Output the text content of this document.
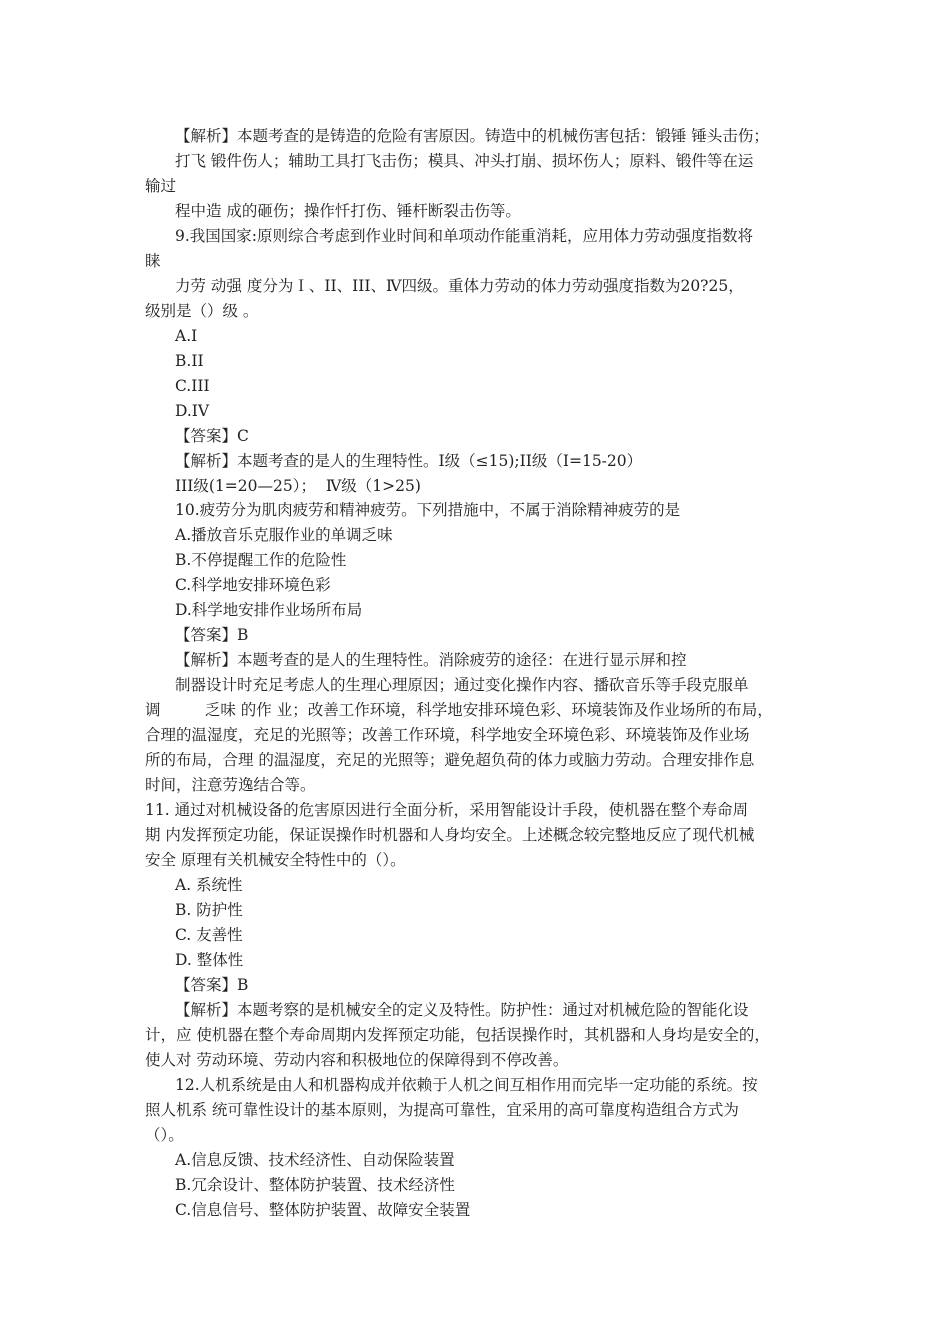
【解析】本题考查的是铸造的危险有害原因。铸造中的机械伤害包括：锻锤 锤头击伤；
打飞 锻件伤人；辅助工具打飞击伤；模具、冲头打崩、损坏伤人；原料、锻件等在运
输过
程中造 成的砸伤；操作忏打伤、锤杆断裂击伤等。
9.我国国家:原则综合考虑到作业时间和单项动作能重消耗，应用体力劳动强度指数将
睐
力劳 动强 度分为Ｉ、II、III、Ⅳ四级。重体力劳动的体力劳动强度指数为20?25，
级别是（）级 。
A.I
B.II
C.III
D.IV
【答案】C
【解析】本题考查的是人的生理特性。I级（≤15);II级（I=15-20）
III级(1=20—25）；  Ⅳ级（1>25)
10.疲劳分为肌肉疲劳和精神疲劳。下列措施中，不属于消除精神疲劳的是
A.播放音乐克服作业的单调乏味
B.不停提醒工作的危险性
C.科学地安排环境色彩
D.科学地安排作业场所布局
【答案】B
【解析】本题考查的是人的生理特性。消除疲劳的途径：在进行显示屏和控
制器设计时充足考虑人的生理心理原因；通过变化操作内容、播砍音乐等手段克服单
调         乏味 的作 业；改善工作环境，科学地安排环境色彩、环境装饰及作业场所的布局，
合理的温湿度，充足的光照等；改善工作环境，科学地安全环境色彩、环境装饰及作业场
所的布局，合理 的温湿度，充足的光照等；避免超负荷的体力或脑力劳动。合理安排作息
时间，注意劳逸结合等。
11. 通过对机械设备的危害原因进行全面分析，采用智能设计手段，使机器在整个寿命周
期 内发挥预定功能，保证误操作时机器和人身均安全。上述概念较完整地反应了现代机械
安全 原理有关机械安全特性中的（）。
A. 系统性
B. 防护性
C. 友善性
D. 整体性
【答案】B
【解析】本题考察的是机械安全的定义及特性。防护性：通过对机械危险的智能化设
计，应 使机器在整个寿命周期内发挥预定功能，包括误操作时，其机器和人身均是安全的，
使人对 劳动环境、劳动内容和积极地位的保障得到不停改善。
12.人机系统是由人和机器构成并依赖于人机之间互相作用而完毕一定功能的系统。按
照人机系 统可靠性设计的基本原则，为提高可靠性，宜采用的高可靠度构造组合方式为
（）。
A.信息反馈、技术经济性、自动保险装置
B.冗余设计、整体防护装置、技术经济性
C.信息信号、整体防护装置、故障安全装置
